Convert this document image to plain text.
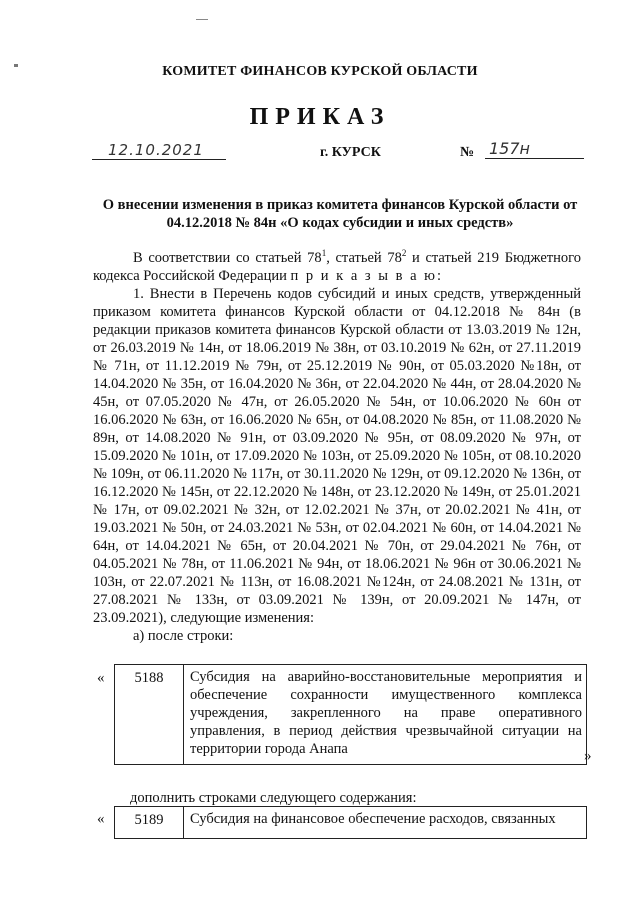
КОМИТЕТ ФИНАНСОВ КУРСКОЙ ОБЛАСТИ
ПРИКАЗ
12.10.2021	г. КУРСК	№ 157н
О внесении изменения в приказ комитета финансов Курской области от 04.12.2018 № 84н «О кодах субсидии и иных средств»

В соответствии со статьей $78^1$, статьей $78^2$ и статьей 219 Бюджетного кодекса Российской Федерации п р и к а з ы в а ю:

1. Внести в Перечень кодов субсидий и иных средств, утвержденный приказом комитета финансов Курской области от 04.12.2018 № 84н (в редакции приказов комитета финансов Курской области от 13.03.2019 № 12н, от 26.03.2019 № 14н, от 18.06.2019 № 38н, от 03.10.2019 № 62н, от 27.11.2019 № 71н, от 11.12.2019 № 79н, от 25.12.2019 № 90н, от 05.03.2020 №18н, от 14.04.2020 № 35н, от 16.04.2020 № 36н, от 22.04.2020 № 44н, от 28.04.2020 № 45н, от 07.05.2020 № 47н, от 26.05.2020 № 54н, от 10.06.2020 № 60н от 16.06.2020 № 63н, от 16.06.2020 № 65н, от 04.08.2020 № 85н, от 11.08.2020 № 89н, от 14.08.2020 № 91н, от 03.09.2020 № 95н, от 08.09.2020 № 97н, от 15.09.2020 № 101н, от 17.09.2020 № 103н, от 25.09.2020 № 105н, от 08.10.2020 № 109н, от 06.11.2020 № 117н, от 30.11.2020 № 129н, от 09.12.2020 № 136н, от 16.12.2020 № 145н, от 22.12.2020 № 148н, от 23.12.2020 № 149н, от 25.01.2021 № 17н, от 09.02.2021 № 32н, от 12.02.2021 № 37н, от 20.02.2021 № 41н, от 19.03.2021 № 50н, от 24.03.2021 № 53н, от 02.04.2021 № 60н, от 14.04.2021 № 64н, от 14.04.2021 № 65н, от 20.04.2021 № 70н, от 29.04.2021 № 76н, от 04.05.2021 № 78н, от 11.06.2021 № 94н, от 18.06.2021 № 96н от 30.06.2021 № 103н, от 22.07.2021 № 113н, от 16.08.2021 №124н, от 24.08.2021 № 131н, от 27.08.2021 № 133н, от 03.09.2021 № 139н, от 20.09.2021 № 147н, от 23.09.2021), следующие изменения:

а) после строки:

« 5188	Субсидия на аварийно-восстановительные мероприятия и обеспечение сохранности имущественного комплекса учреждения, закрепленного на праве оперативного управления, в период действия чрезвычайной ситуации на территории города Анапа	»
дополнить строками следующего содержания:
« 5189	Субсидия на финансовое обеспечение расходов, связанных
